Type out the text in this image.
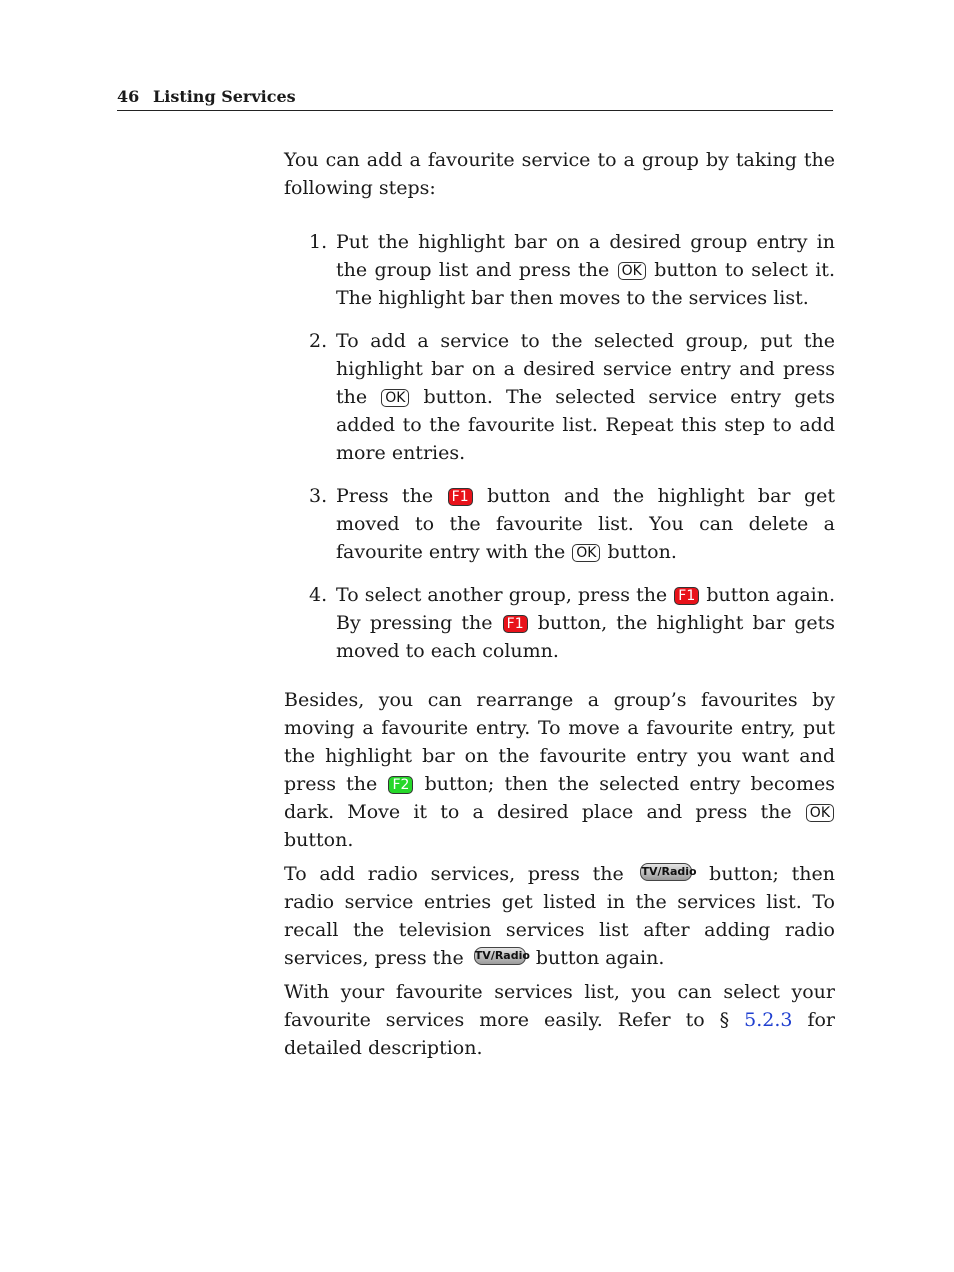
46 Listing Services

You can add a favourite service to a group by taking the following steps:

1. Put the highlight bar on a desired group entry in the group list and press the OK button to select it. The highlight bar then moves to the services list.
2. To add a service to the selected group, put the highlight bar on a desired service entry and press the OK button. The selected service entry gets added to the favourite list. Repeat this step to add more entries.
3. Press the F1 button and the highlight bar get moved to the favourite list. You can delete a favourite entry with the OK button.
4. To select another group, press the F1 button again. By pressing the F1 button, the highlight bar gets moved to each column.

Besides, you can rearrange a group’s favourites by moving a favourite entry. To move a favourite entry, put the highlight bar on the favourite entry you want and press the F2 button; then the selected entry becomes dark. Move it to a desired place and press the OK button.

To add radio services, press the TV/Radio button; then radio service entries get listed in the services list. To recall the television services list after adding radio services, press the TV/Radio button again.

With your favourite services list, you can select your favourite services more easily. Refer to § 5.2.3 for detailed description.
